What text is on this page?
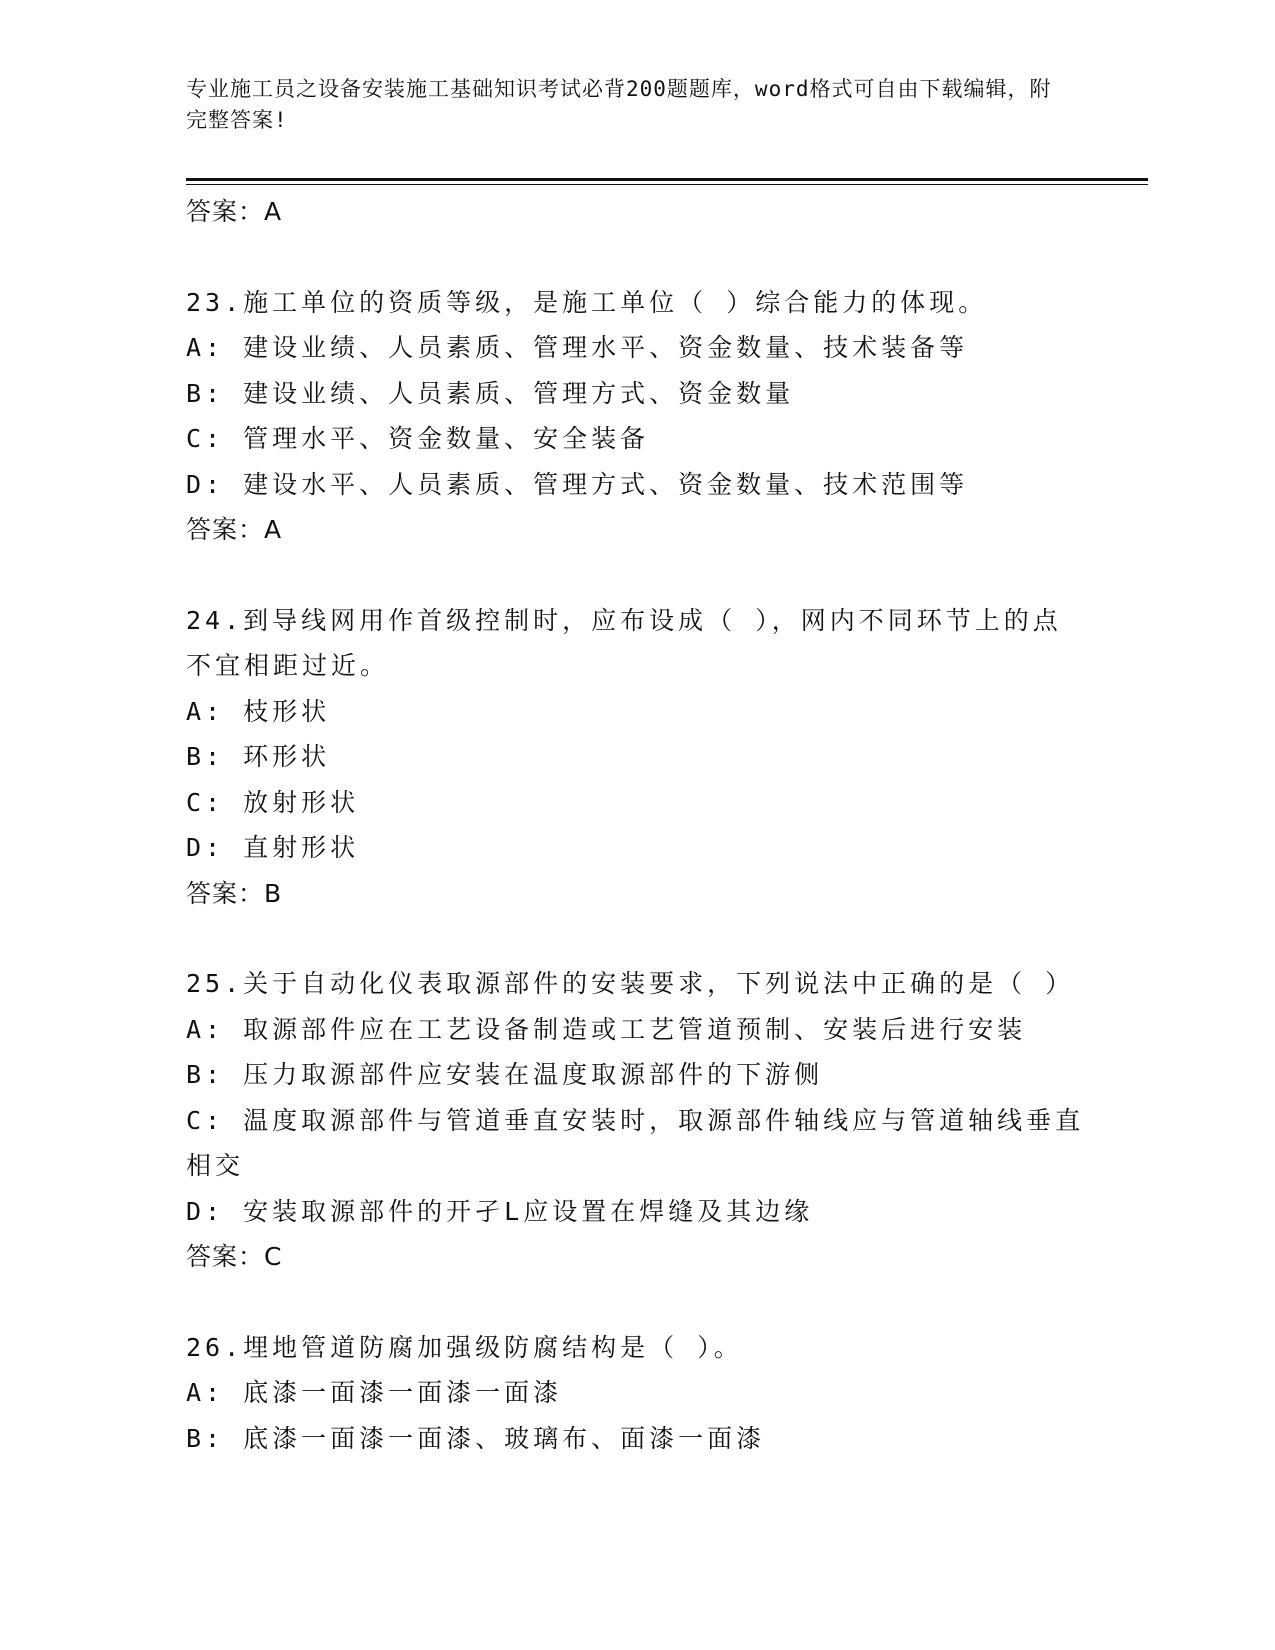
专业施工员之设备安装施工基础知识考试必背200题题库，word格式可自由下载编辑，附完整答案!
答案：A
23.施工单位的资质等级，是施工单位（ ）综合能力的体现。
A: 建设业绩、人员素质、管理水平、资金数量、技术装备等
B: 建设业绩、人员素质、管理方式、资金数量
C: 管理水平、资金数量、安全装备
D: 建设水平、人员素质、管理方式、资金数量、技术范围等
答案：A
24.到导线网用作首级控制时，应布设成（ ），网内不同环节上的点不宜相距过近。
A: 枝形状
B: 环形状
C: 放射形状
D: 直射形状
答案：B
25.关于自动化仪表取源部件的安装要求，下列说法中正确的是（ ）
A: 取源部件应在工艺设备制造或工艺管道预制、安装后进行安装
B: 压力取源部件应安装在温度取源部件的下游侧
C: 温度取源部件与管道垂直安装时，取源部件轴线应与管道轴线垂直相交
D: 安装取源部件的开孑L应设置在焊缝及其边缘
答案：C
26.埋地管道防腐加强级防腐结构是（ ）。
A: 底漆一面漆一面漆一面漆
B: 底漆一面漆一面漆、玻璃布、面漆一面漆
